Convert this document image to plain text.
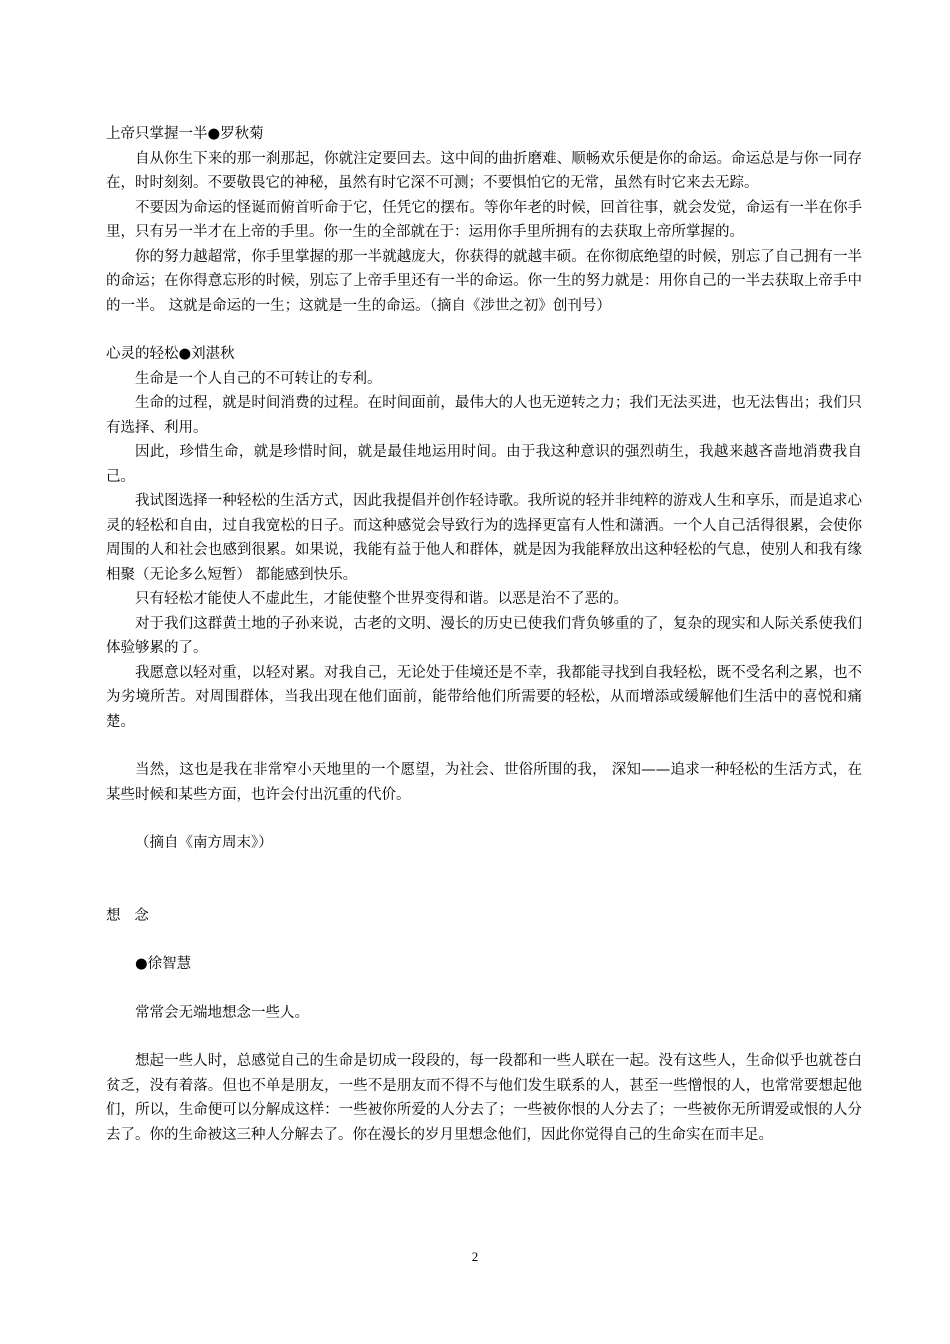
上帝只掌握一半●罗秋菊

自从你生下来的那一刹那起，你就注定要回去。这中间的曲折磨难、顺畅欢乐便是你的命运。命运总是与你一同存在，时时刻刻。不要敬畏它的神秘，虽然有时它深不可测；不要惧怕它的无常，虽然有时它来去无踪。

不要因为命运的怪诞而俯首听命于它，任凭它的摆布。等你年老的时候，回首往事，就会发觉，命运有一半在你手里，只有另一半才在上帝的手里。你一生的全部就在于：运用你手里所拥有的去获取上帝所掌握的。

你的努力越超常，你手里掌握的那一半就越庞大，你获得的就越丰硕。在你彻底绝望的时候，别忘了自己拥有一半的命运；在你得意忘形的时候，别忘了上帝手里还有一半的命运。你一生的努力就是：用你自己的一半去获取上帝手中的一半。 这就是命运的一生；这就是一生的命运。（摘自《涉世之初》创刊号）

心灵的轻松●刘湛秋

生命是一个人自己的不可转让的专利。

生命的过程，就是时间消费的过程。在时间面前，最伟大的人也无逆转之力；我们无法买进，也无法售出；我们只有选择、利用。

因此，珍惜生命，就是珍惜时间，就是最佳地运用时间。由于我这种意识的强烈萌生，我越来越吝啬地消费我自己。

我试图选择一种轻松的生活方式，因此我提倡并创作轻诗歌。我所说的轻并非纯粹的游戏人生和享乐，而是追求心灵的轻松和自由，过自我宽松的日子。而这种感觉会导致行为的选择更富有人性和潇洒。一个人自己活得很累，会使你周围的人和社会也感到很累。如果说，我能有益于他人和群体，就是因为我能释放出这种轻松的气息，使别人和我有缘相聚（无论多么短暂） 都能感到快乐。

只有轻松才能使人不虚此生，才能使整个世界变得和谐。以恶是治不了恶的。

对于我们这群黄土地的子孙来说，古老的文明、漫长的历史已使我们背负够重的了，复杂的现实和人际关系使我们体验够累的了。

我愿意以轻对重，以轻对累。对我自己，无论处于佳境还是不幸，我都能寻找到自我轻松，既不受名利之累，也不为劣境所苦。对周围群体，当我出现在他们面前，能带给他们所需要的轻松，从而增添或缓解他们生活中的喜悦和痛楚。

当然，这也是我在非常窄小天地里的一个愿望，为社会、世俗所围的我， 深知——追求一种轻松的生活方式，在某些时候和某些方面，也许会付出沉重的代价。

（摘自《南方周末》）

想   念

●徐智慧

常常会无端地想念一些人。

想起一些人时，总感觉自己的生命是切成一段段的，每一段都和一些人联在一起。没有这些人，生命似乎也就苍白贫乏，没有着落。但也不单是朋友，一些不是朋友而不得不与他们发生联系的人，甚至一些憎恨的人，也常常要想起他们，所以，生命便可以分解成这样：一些被你所爱的人分去了；一些被你恨的人分去了；一些被你无所谓爱或恨的人分去了。你的生命被这三种人分解去了。你在漫长的岁月里想念他们，因此你觉得自己的生命实在而丰足。

2
